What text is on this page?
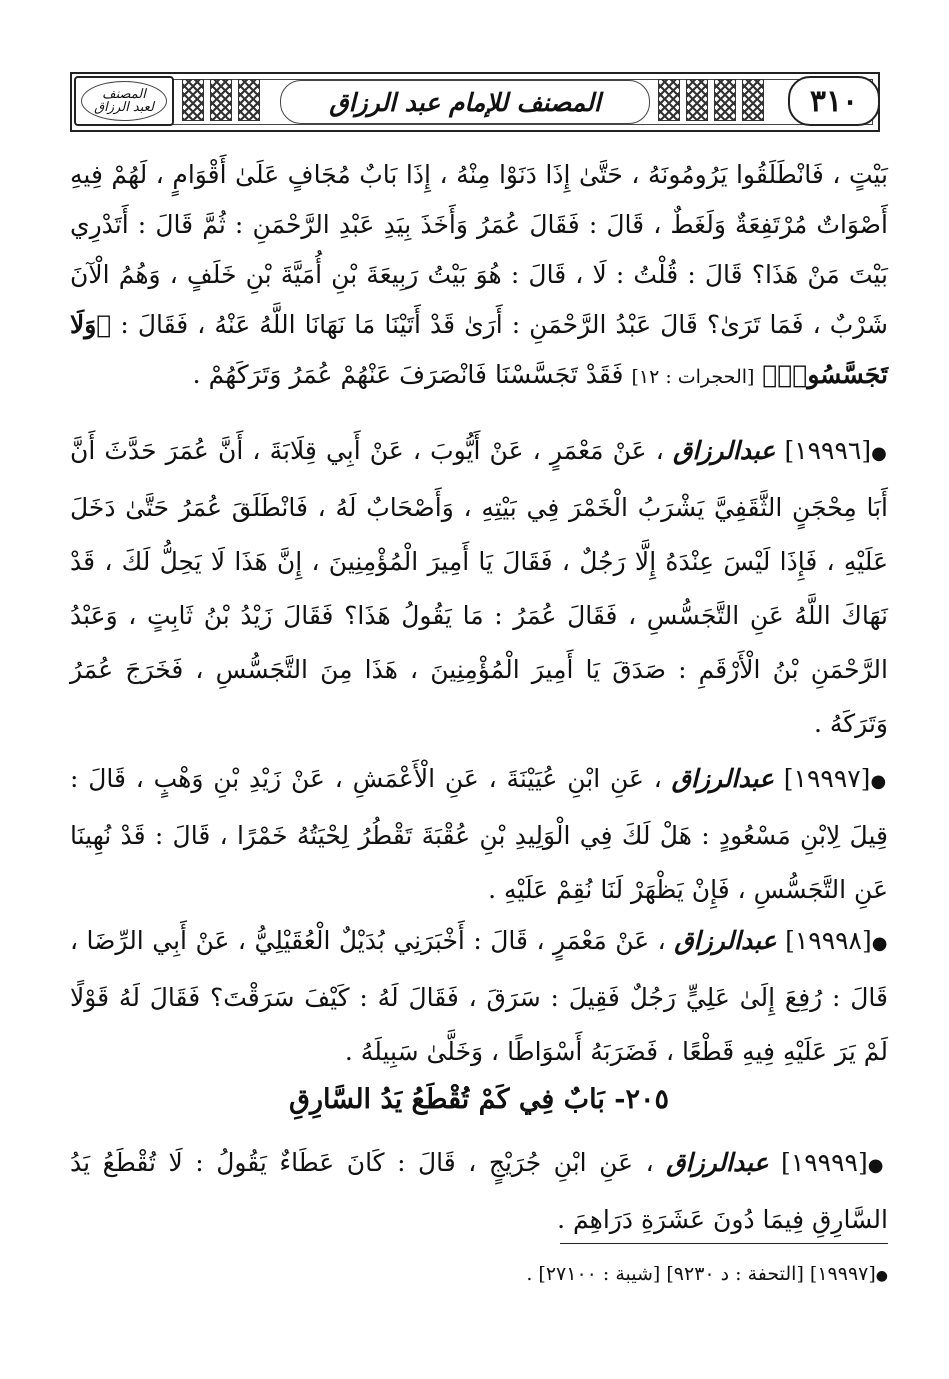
المصنف
لعبد الرزاق	المصنف للإمام عبد الرزاق	٣١٠
بَيْتٍ ، فَانْطَلَقُوا يَرُومُونَهُ ، حَتَّىٰ إِذَا دَنَوْا مِنْهُ ، إِذَا بَابٌ مُجَافٍ عَلَىٰ أَقْوَامٍ ، لَهُمْ فِيهِ أَصْوَاتٌ مُرْتَفِعَةٌ وَلَغَطٌ ، قَالَ : فَقَالَ عُمَرُ وَأَخَذَ بِيَدِ عَبْدِ الرَّحْمَنِ : ثُمَّ قَالَ : أَتَدْرِي بَيْتَ مَنْ هَذَا؟ قَالَ : قُلْتُ : لَا ، قَالَ : هُوَ بَيْتُ رَبِيعَةَ بْنِ أُمَيَّةَ بْنِ خَلَفٍ ، وَهُمُ الْآنَ شَرْبٌ ، فَمَا تَرَىٰ؟ قَالَ عَبْدُ الرَّحْمَنِ : أَرَىٰ قَدْ أَتَيْنَا مَا نَهَانَا اللَّهُ عَنْهُ ، فَقَالَ : ﴿وَلَا تَجَسَّسُوا۟﴾ [الحجرات : ١٢] فَقَدْ تَجَسَّسْنَا فَانْصَرَفَ عَنْهُمْ عُمَرُ وَتَرَكَهُمْ .
●[١٩٩٩٦] عبدالرزاق ، عَنْ مَعْمَرٍ ، عَنْ أَيُّوبَ ، عَنْ أَبِي قِلَابَةَ ، أَنَّ عُمَرَ حَدَّثَ أَنَّ أَبَا مِحْجَنٍ الثَّقَفِيَّ يَشْرَبُ الْخَمْرَ فِي بَيْتِهِ ، وَأَصْحَابٌ لَهُ ، فَانْطَلَقَ عُمَرُ حَتَّىٰ دَخَلَ عَلَيْهِ ، فَإِذَا لَيْسَ عِنْدَهُ إِلَّا رَجُلٌ ، فَقَالَ يَا أَمِيرَ الْمُؤْمِنِينَ ، إِنَّ هَذَا لَا يَحِلُّ لَكَ ، قَدْ نَهَاكَ اللَّهُ عَنِ التَّجَسُّسِ ، فَقَالَ عُمَرُ : مَا يَقُولُ هَذَا؟ فَقَالَ زَيْدُ بْنُ ثَابِتٍ ، وَعَبْدُ الرَّحْمَنِ بْنُ الْأَرْقَمِ : صَدَقَ يَا أَمِيرَ الْمُؤْمِنِينَ ، هَذَا مِنَ التَّجَسُّسِ ، فَخَرَجَ عُمَرُ وَتَرَكَهُ .
●[١٩٩٩٧] عبدالرزاق ، عَنِ ابْنِ عُيَيْنَةَ ، عَنِ الْأَعْمَشِ ، عَنْ زَيْدِ بْنِ وَهْبٍ ، قَالَ : قِيلَ لِابْنِ مَسْعُودٍ : هَلْ لَكَ فِي الْوَلِيدِ بْنِ عُقْبَةَ تَقْطُرُ لِحْيَتُهُ خَمْرًا ، قَالَ : قَدْ نُهِينَا عَنِ التَّجَسُّسِ ، فَإِنْ يَظْهَرْ لَنَا نُقِمْ عَلَيْهِ .
●[١٩٩٩٨] عبدالرزاق ، عَنْ مَعْمَرٍ ، قَالَ : أَخْبَرَنِي بُدَيْلٌ الْعُقَيْلِيُّ ، عَنْ أَبِي الرِّضَا ، قَالَ : رُفِعَ إِلَىٰ عَلِيٍّ رَجُلٌ فَقِيلَ : سَرَقَ ، فَقَالَ لَهُ : كَيْفَ سَرَقْتَ؟ فَقَالَ لَهُ قَوْلًا لَمْ يَرَ عَلَيْهِ فِيهِ قَطْعًا ، فَضَرَبَهُ أَسْوَاطًا ، وَخَلَّىٰ سَبِيلَهُ .
٢٠٥- بَابٌ فِي كَمْ تُقْطَعُ يَدُ السَّارِقِ
●[١٩٩٩٩] عبدالرزاق ، عَنِ ابْنِ جُرَيْجٍ ، قَالَ : كَانَ عَطَاءٌ يَقُولُ : لَا تُقْطَعُ يَدُ السَّارِقِ فِيمَا دُونَ عَشَرَةِ دَرَاهِمَ .
●[١٩٩٩٧] [التحفة : د ٩٢٣٠] [شيبة : ٢٧١٠٠] .
